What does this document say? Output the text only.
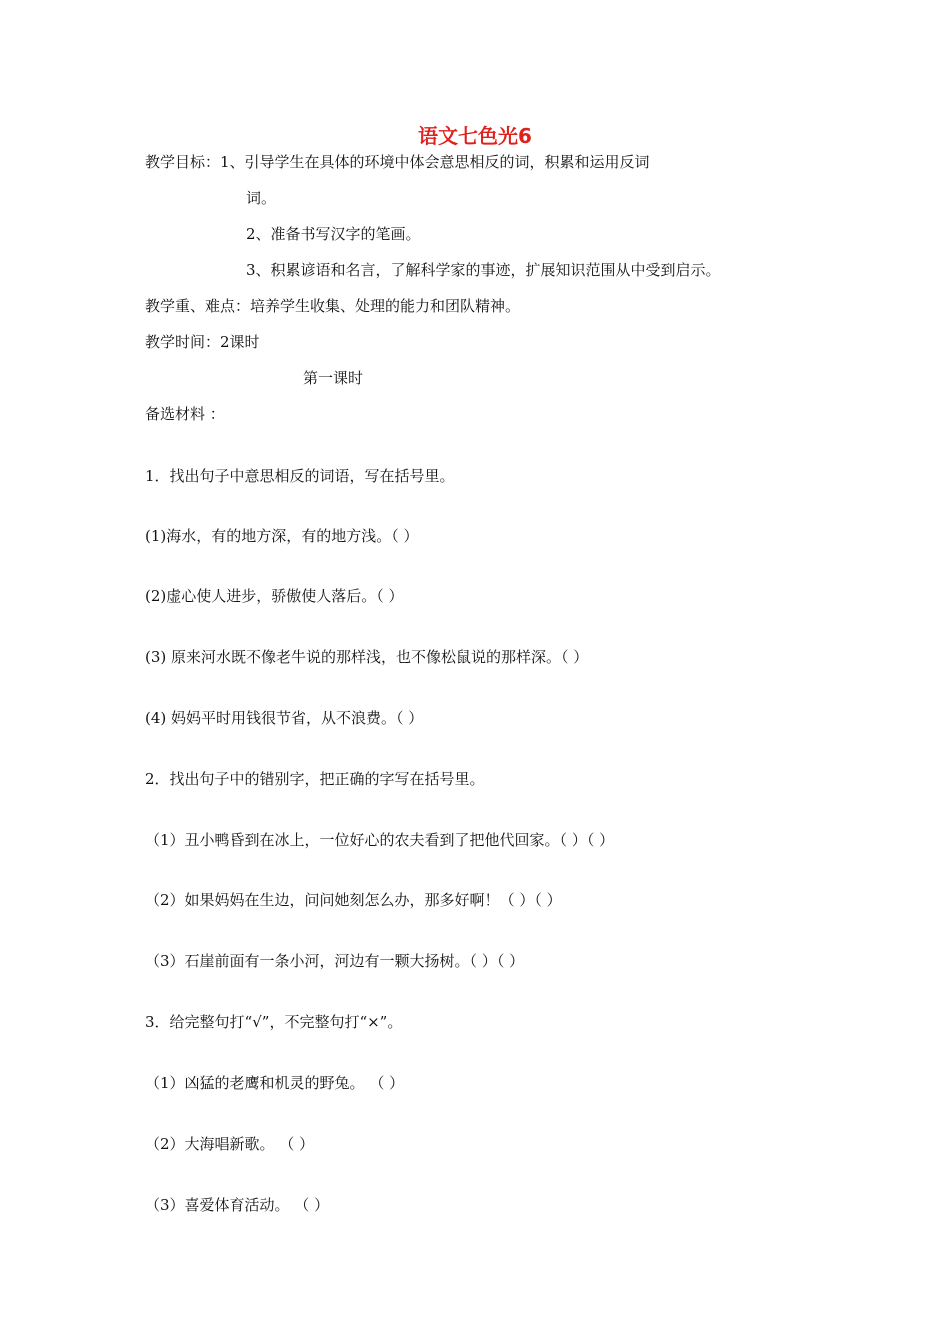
语文七色光6
教学目标：1、引导学生在具体的环境中体会意思相反的词，积累和运用反词
词。
2、准备书写汉字的笔画。
3、积累谚语和名言，了解科学家的事迹，扩展知识范围从中受到启示。
教学重、难点：培养学生收集、处理的能力和团队精神。
教学时间：2课时
第一课时
备选材料 ：
1．找出句子中意思相反的词语，写在括号里。
(1)海水，有的地方深，有的地方浅。（ ）
(2)虚心使人进步，骄傲使人落后。（ ）
(3) 原来河水既不像老牛说的那样浅，也不像松鼠说的那样深。（ ）
(4) 妈妈平时用钱很节省，从不浪费。（ ）
2．找出句子中的错别字，把正确的字写在括号里。
（1）丑小鸭昏到在冰上，一位好心的农夫看到了把他代回家。（ ）（ ）
（2）如果妈妈在生边，问问她刻怎么办，那多好啊！（ ）（ ）
（3）石崖前面有一条小河，河边有一颗大扬树。（ ）（ ）
3．给完整句打“√”，不完整句打“×”。
（1）凶猛的老鹰和机灵的野兔。 （ ）
（2）大海唱新歌。 （ ）
（3）喜爱体育活动。 （ ）
